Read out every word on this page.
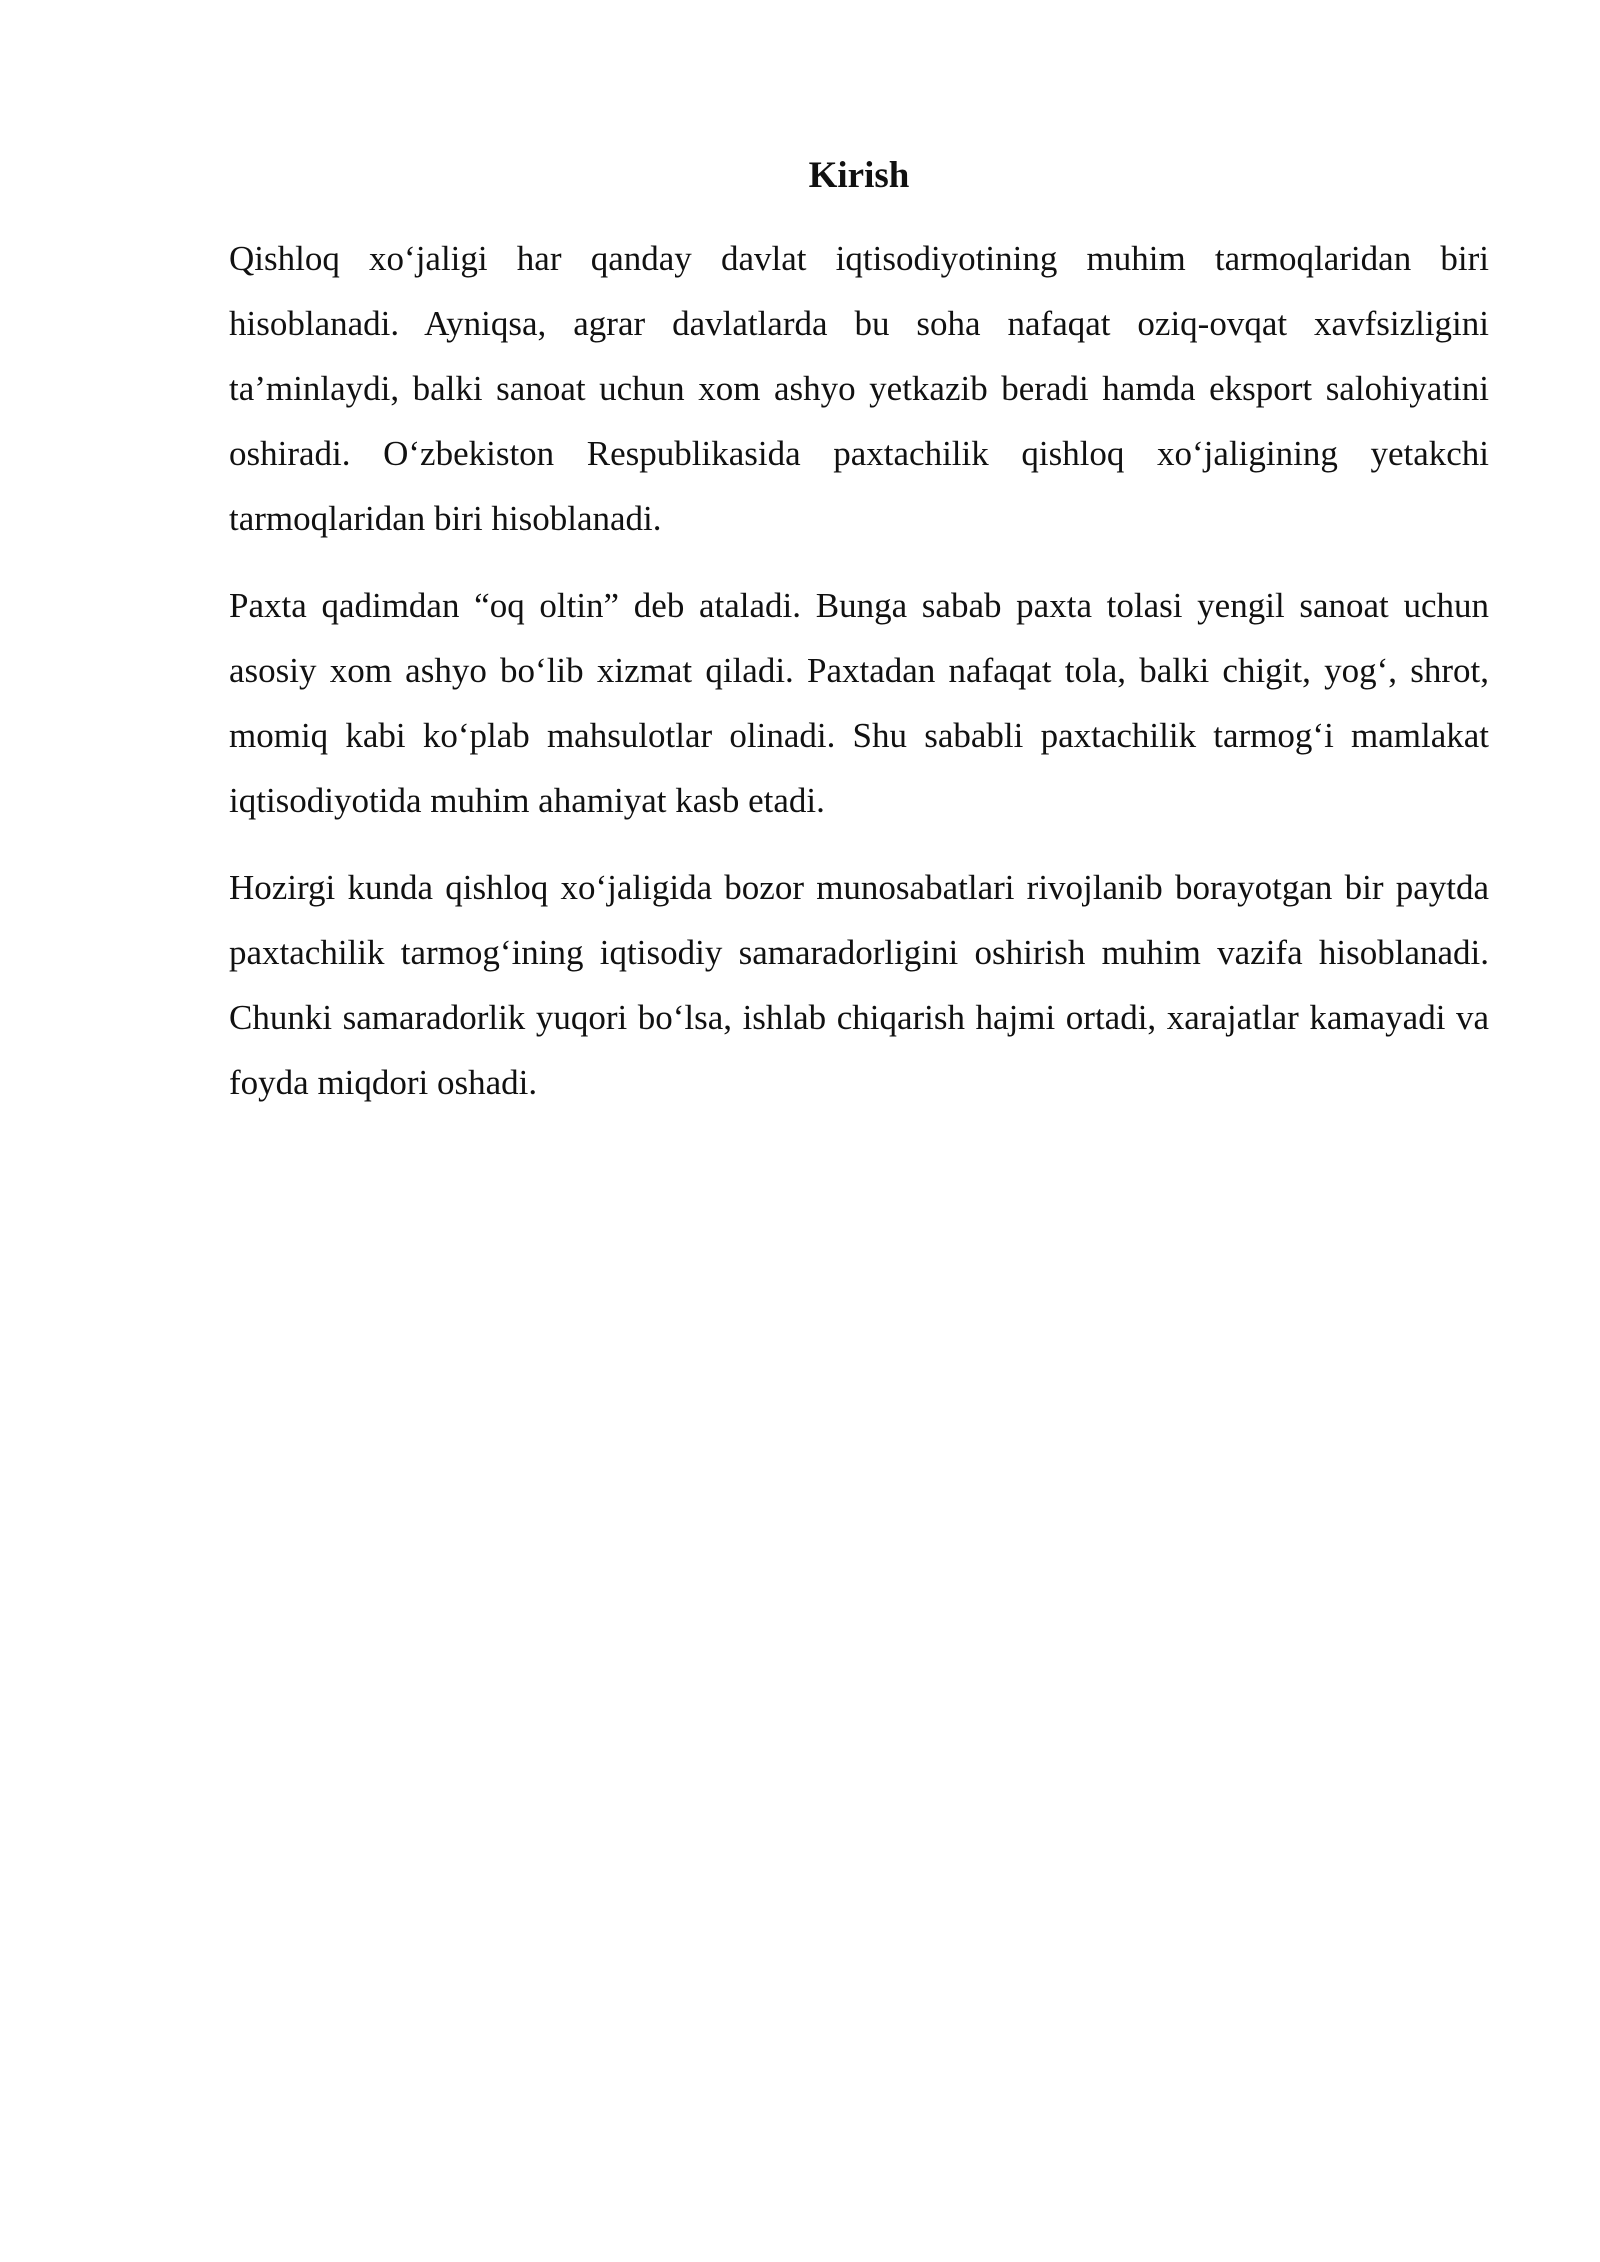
Kirish

Qishloq xo‘jaligi har qanday davlat iqtisodiyotining muhim tarmoqlaridan biri hisoblanadi. Ayniqsa, agrar davlatlarda bu soha nafaqat oziq-ovqat xavfsizligini ta’minlaydi, balki sanoat uchun xom ashyo yetkazib beradi hamda eksport salohiyatini oshiradi. O‘zbekiston Respublikasida paxtachilik qishloq xo‘jaligining yetakchi tarmoqlaridan biri hisoblanadi.

Paxta qadimdan “oq oltin” deb ataladi. Bunga sabab paxta tolasi yengil sanoat uchun asosiy xom ashyo bo‘lib xizmat qiladi. Paxtadan nafaqat tola, balki chigit, yog‘, shrot, momiq kabi ko‘plab mahsulotlar olinadi. Shu sababli paxtachilik tarmog‘i mamlakat iqtisodiyotida muhim ahamiyat kasb etadi.

Hozirgi kunda qishloq xo‘jaligida bozor munosabatlari rivojlanib borayotgan bir paytda paxtachilik tarmog‘ining iqtisodiy samaradorligini oshirish muhim vazifa hisoblanadi. Chunki samaradorlik yuqori bo‘lsa, ishlab chiqarish hajmi ortadi, xarajatlar kamayadi va foyda miqdori oshadi.
